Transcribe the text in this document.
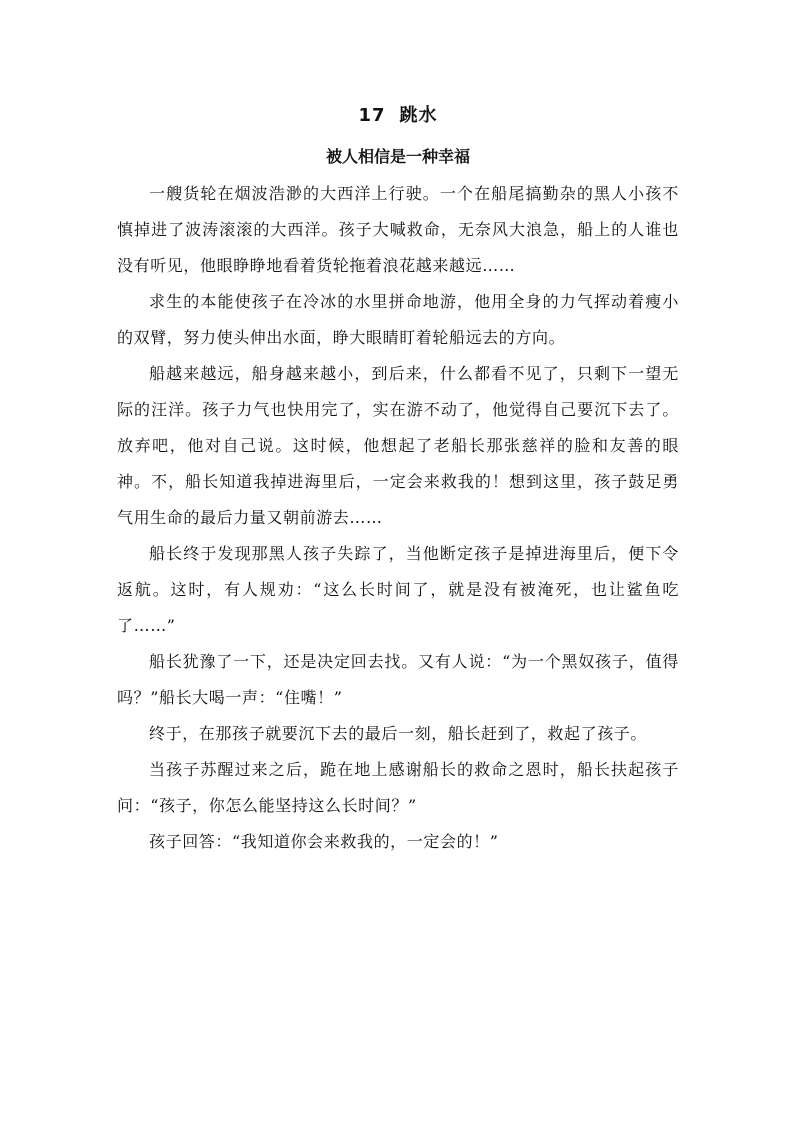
17 跳水
被人相信是一种幸福

一艘货轮在烟波浩渺的大西洋上行驶。一个在船尾搞勤杂的黑人小孩不慎掉进了波涛滚滚的大西洋。孩子大喊救命，无奈风大浪急，船上的人谁也没有听见，他眼睁睁地看着货轮拖着浪花越来越远……

求生的本能使孩子在冷冰的水里拼命地游，他用全身的力气挥动着瘦小的双臂，努力使头伸出水面，睁大眼睛盯着轮船远去的方向。

船越来越远，船身越来越小，到后来，什么都看不见了，只剩下一望无际的汪洋。孩子力气也快用完了，实在游不动了，他觉得自己要沉下去了。放弃吧，他对自己说。这时候，他想起了老船长那张慈祥的脸和友善的眼神。不，船长知道我掉进海里后，一定会来救我的！想到这里，孩子鼓足勇气用生命的最后力量又朝前游去……

船长终于发现那黑人孩子失踪了，当他断定孩子是掉进海里后，便下令返航。这时，有人规劝：“这么长时间了，就是没有被淹死，也让鲨鱼吃了……”

船长犹豫了一下，还是决定回去找。又有人说：“为一个黑奴孩子，值得吗？”船长大喝一声：“住嘴！”

终于，在那孩子就要沉下去的最后一刻，船长赶到了，救起了孩子。

当孩子苏醒过来之后，跪在地上感谢船长的救命之恩时，船长扶起孩子问：“孩子，你怎么能坚持这么长时间？”

孩子回答：“我知道你会来救我的，一定会的！”
